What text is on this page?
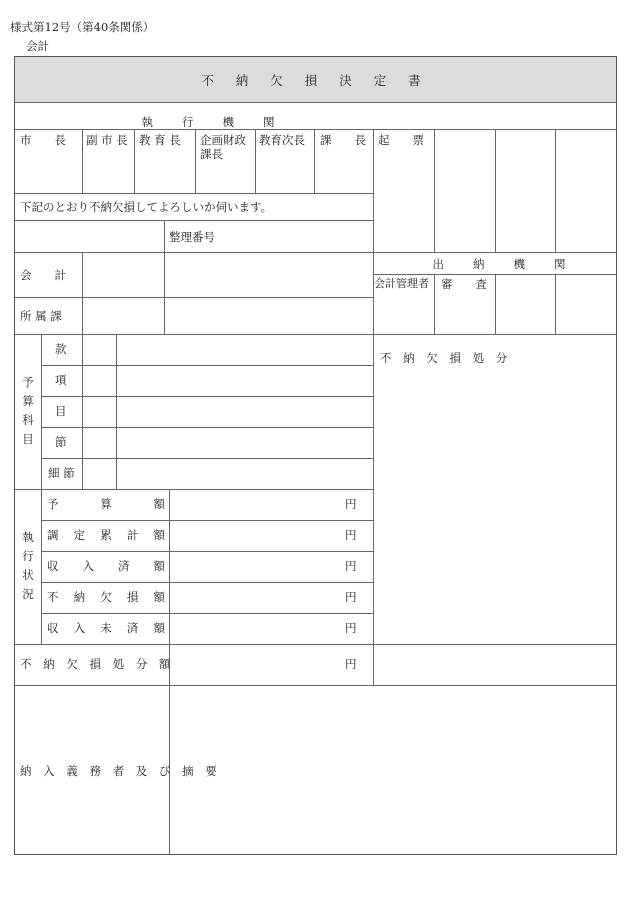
様式第12号（第40条関係）
会計
不 納 欠 損 決 定 書
執　　行　　機　　関
市　　長 副 市 長 教 育 長 企画財政課長
教育次長 課　　長 起　　票
下記のとおり不納欠損してよろしいか伺います。
整理番号
会　　計
所 属 課
出　　納　　機　　関
会計管理者 審　　査
予算科目
款
項
目
節
細 節
不 納 欠 損 処 分
執行状況
予　　算　　額
調 定 累 計 額
収　入　済　額
不　納　欠　損　額
収 入 未 済 額
円
円
円
円
円
不 納 欠 損 処 分 額	円
納 入 義 務 者 及 び 摘 要
